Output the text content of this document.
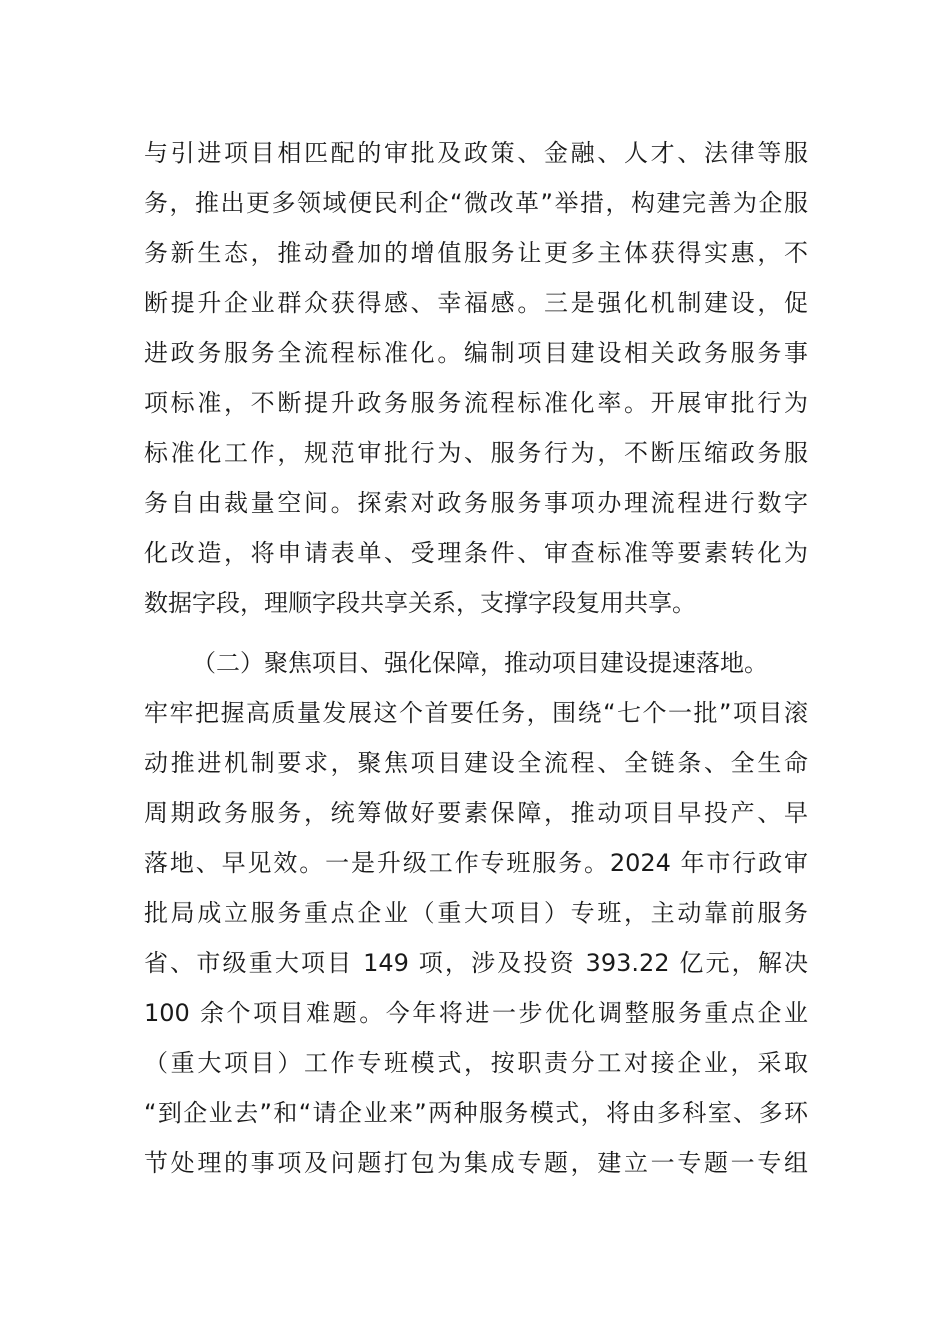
与引进项目相匹配的审批及政策、金融、人才、法律等服
务，推出更多领域便民利企“微改革”举措，构建完善为企服
务新生态，推动叠加的增值服务让更多主体获得实惠，不
断提升企业群众获得感、幸福感。三是强化机制建设，促
进政务服务全流程标准化。编制项目建设相关政务服务事
项标准，不断提升政务服务流程标准化率。开展审批行为
标准化工作，规范审批行为、服务行为，不断压缩政务服
务自由裁量空间。探索对政务服务事项办理流程进行数字
化改造，将申请表单、受理条件、审查标准等要素转化为
数据字段，理顺字段共享关系，支撑字段复用共享。
（二）聚焦项目、强化保障，推动项目建设提速落地。
牢牢把握高质量发展这个首要任务，围绕“七个一批”项目滚
动推进机制要求，聚焦项目建设全流程、全链条、全生命
周期政务服务，统筹做好要素保障，推动项目早投产、早
落地、早见效。一是升级工作专班服务。2024 年市行政审
批局成立服务重点企业（重大项目）专班，主动靠前服务
省、市级重大项目 149 项，涉及投资 393.22 亿元，解决
100 余个项目难题。今年将进一步优化调整服务重点企业
（重大项目）工作专班模式，按职责分工对接企业，采取
“到企业去”和“请企业来”两种服务模式，将由多科室、多环
节处理的事项及问题打包为集成专题，建立一专题一专组
